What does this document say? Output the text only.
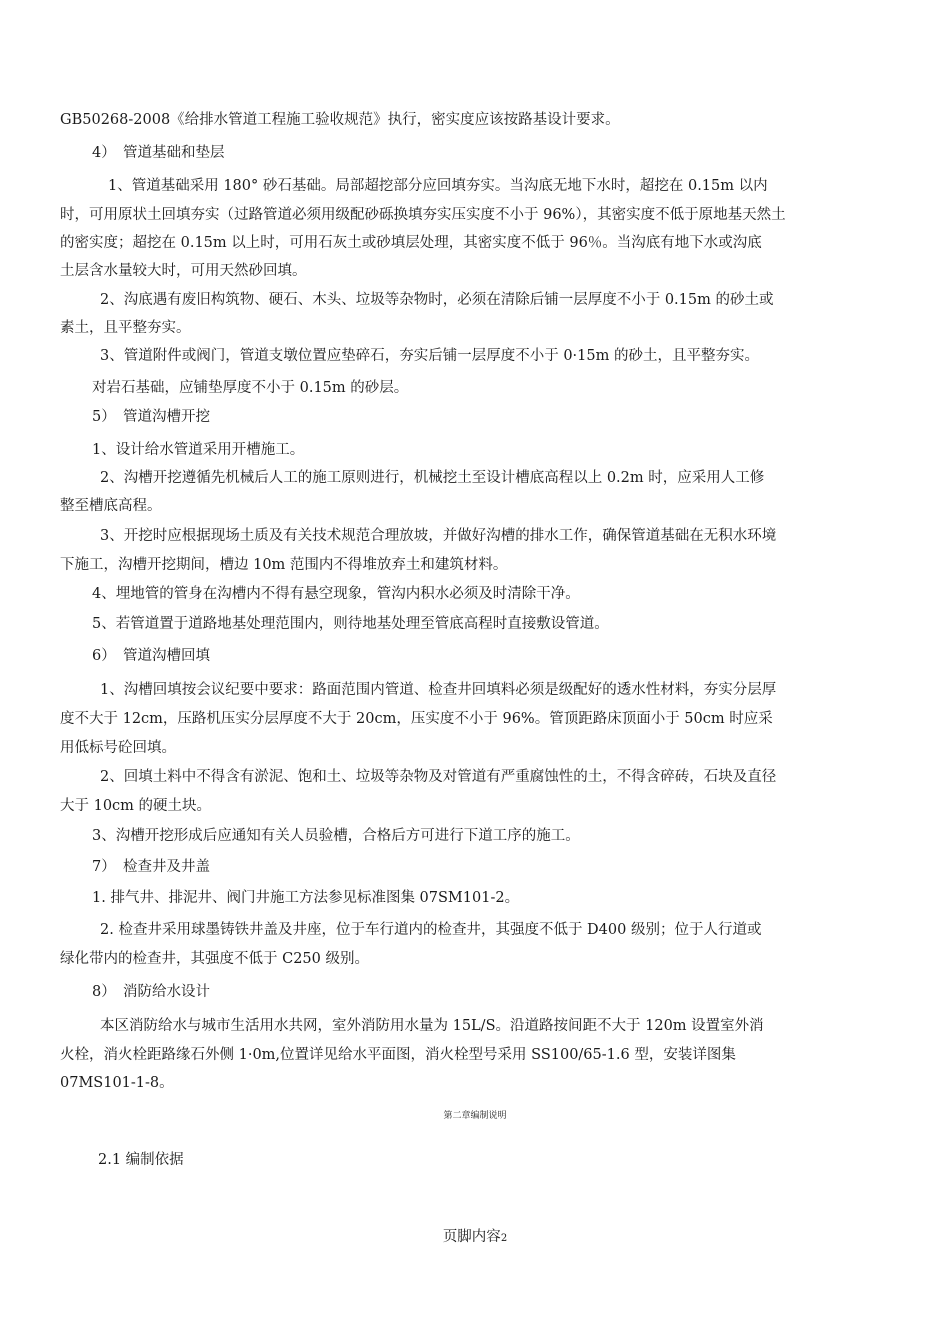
GB50268-2008《给排水管道工程施工验收规范》执行，密实度应该按路基设计要求。
4）　管道基础和垫层
1、管道基础采用 180° 砂石基础。局部超挖部分应回填夯实。当沟底无地下水时，超挖在 0.15m 以内
时，可用原状土回填夯实（过路管道必须用级配砂砾换填夯实压实度不小于 96%），其密实度不低于原地基天然土
的密实度；超挖在 0.15m 以上时，可用石灰土或砂填层处理，其密实度不低于 96％。当沟底有地下水或沟底
土层含水量较大时，可用天然砂回填。
2、沟底遇有废旧构筑物、硬石、木头、垃圾等杂物时，必须在清除后铺一层厚度不小于 0.15m 的砂土或
素土，且平整夯实。
3、管道附件或阀门，管道支墩位置应垫碎石，夯实后铺一层厚度不小于 0·15m 的砂土，且平整夯实。
对岩石基础，应铺垫厚度不小于 0.15m 的砂层。
5）　管道沟槽开挖
1、设计给水管道采用开槽施工。
2、沟槽开挖遵循先机械后人工的施工原则进行，机械挖土至设计槽底高程以上 0.2m 时，应采用人工修
整至槽底高程。
3、开挖时应根据现场土质及有关技术规范合理放坡，并做好沟槽的排水工作，确保管道基础在无积水环境
下施工，沟槽开挖期间，槽边 10m 范围内不得堆放弃土和建筑材料。
4、埋地管的管身在沟槽内不得有悬空现象，管沟内积水必须及时清除干净。
5、若管道置于道路地基处理范围内，则待地基处理至管底高程时直接敷设管道。
6）　管道沟槽回填
1、沟槽回填按会议纪要中要求：路面范围内管道、检查井回填料必须是级配好的透水性材料，夯实分层厚
度不大于 12cm，压路机压实分层厚度不大于 20cm，压实度不小于 96%。管顶距路床顶面小于 50cm 时应采
用低标号砼回填。
2、回填土料中不得含有淤泥、饱和土、垃圾等杂物及对管道有严重腐蚀性的土，不得含碎砖，石块及直径
大于 10cm 的硬土块。
3、沟槽开挖形成后应通知有关人员验槽，合格后方可进行下道工序的施工。
7）　检查井及井盖
1. 排气井、排泥井、阀门井施工方法参见标准图集 07SM101-2。
2. 检查井采用球墨铸铁井盖及井座，位于车行道内的检查井，其强度不低于 D400 级别；位于人行道或
绿化带内的检查井，其强度不低于 C250 级别。
8）　消防给水设计
本区消防给水与城市生活用水共网，室外消防用水量为 15L/S。沿道路按间距不大于 120m 设置室外消
火栓，消火栓距路缘石外侧 1·0m,位置详见给水平面图，消火栓型号采用 SS100/65-1.6 型，安装详图集
07MS101-1-8。
第二章编制说明
2.1 编制依据
页脚内容2
